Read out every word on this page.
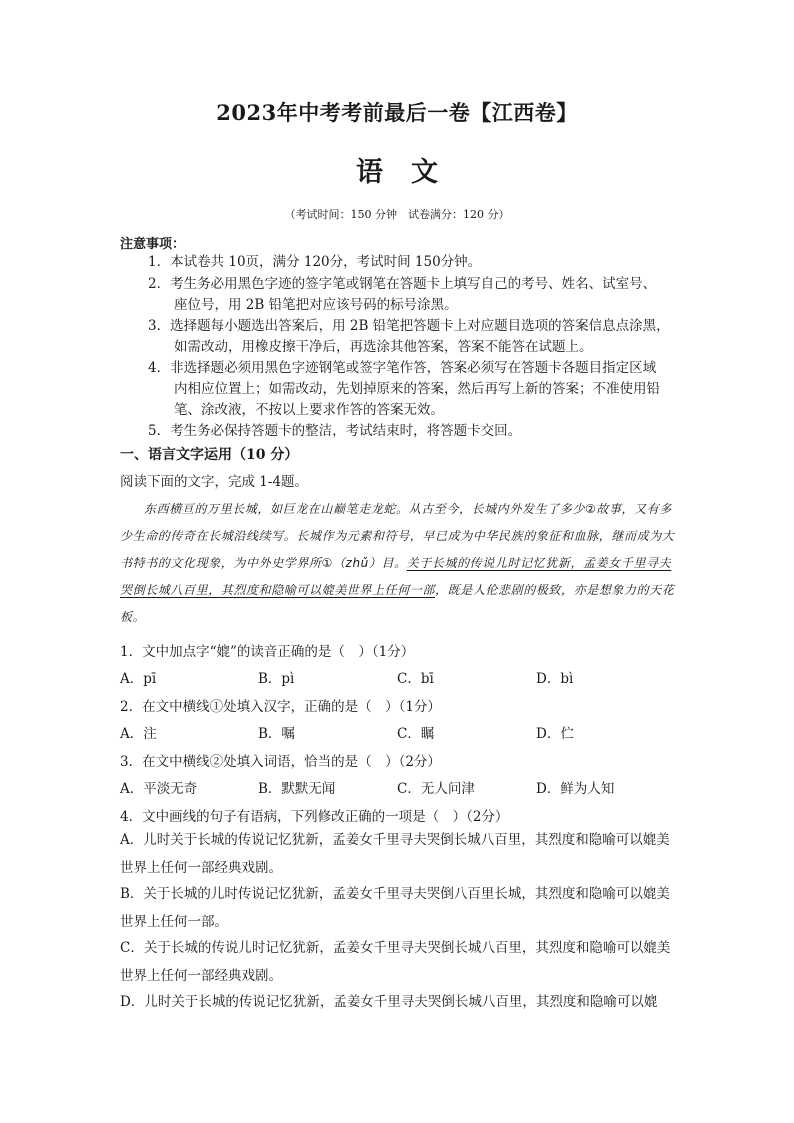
2023年中考考前最后一卷【江西卷】
语文
（考试时间：150 分钟　试卷满分：120 分）
注意事项：
1．本试卷共 10页，满分 120分，考试时间 150分钟。
2．考生务必用黑色字迹的签字笔或钢笔在答题卡上填写自己的考号、姓名、试室号、
座位号，用 2B 铅笔把对应该号码的标号涂黑。
3．选择题每小题选出答案后，用 2B 铅笔把答题卡上对应题目选项的答案信息点涂黑，
如需改动，用橡皮擦干净后，再选涂其他答案，答案不能答在试题上。
4．非选择题必须用黑色字迹钢笔或签字笔作答，答案必须写在答题卡各题目指定区域
内相应位置上；如需改动，先划掉原来的答案，然后再写上新的答案；不准使用铅
笔、涂改液，不按以上要求作答的答案无效。
5．考生务必保持答题卡的整洁，考试结束时，将答题卡交回。
一、语言文字运用（10 分）
阅读下面的文字，完成 1-4题。
东西横亘的万里长城，如巨龙在山巅笔走龙蛇。从古至今，长城内外发生了多少②故事，又有多少生命的传奇在长城沿线续写。长城作为元素和符号，早已成为中华民族的象征和血脉，继而成为大书特书的文化现象，为中外史学界所①（zhǔ）目。关于长城的传说儿时记忆犹新，孟姜女千里寻夫哭倒长城八百里，其烈度和隐喻可以媲美世界上任何一部，既是人伦悲剧的极致，亦是想象力的天花板。
1．文中加点字“媲”的读音正确的是（　）（1分）
A．pī	B．pì	C．bī	D．bì
2．在文中横线①处填入汉字，正确的是（　）（1分）
A．注	B．嘱	C．瞩	D．伫
3．在文中横线②处填入词语，恰当的是（　）（2分）
A．平淡无奇	B．默默无闻	C．无人问津	D．鲜为人知
4．文中画线的句子有语病，下列修改正确的一项是（　）（2分）
A．儿时关于长城的传说记忆犹新，孟姜女千里寻夫哭倒长城八百里，其烈度和隐喻可以媲美世界上任何一部经典戏剧。
B．关于长城的儿时传说记忆犹新，孟姜女千里寻夫哭倒八百里长城，其烈度和隐喻可以媲美世界上任何一部。
C．关于长城的传说儿时记忆犹新，孟姜女千里寻夫哭倒长城八百里，其烈度和隐喻可以媲美世界上任何一部经典戏剧。
D．儿时关于长城的传说记忆犹新，孟姜女千里寻夫哭倒长城八百里，其烈度和隐喻可以媲
